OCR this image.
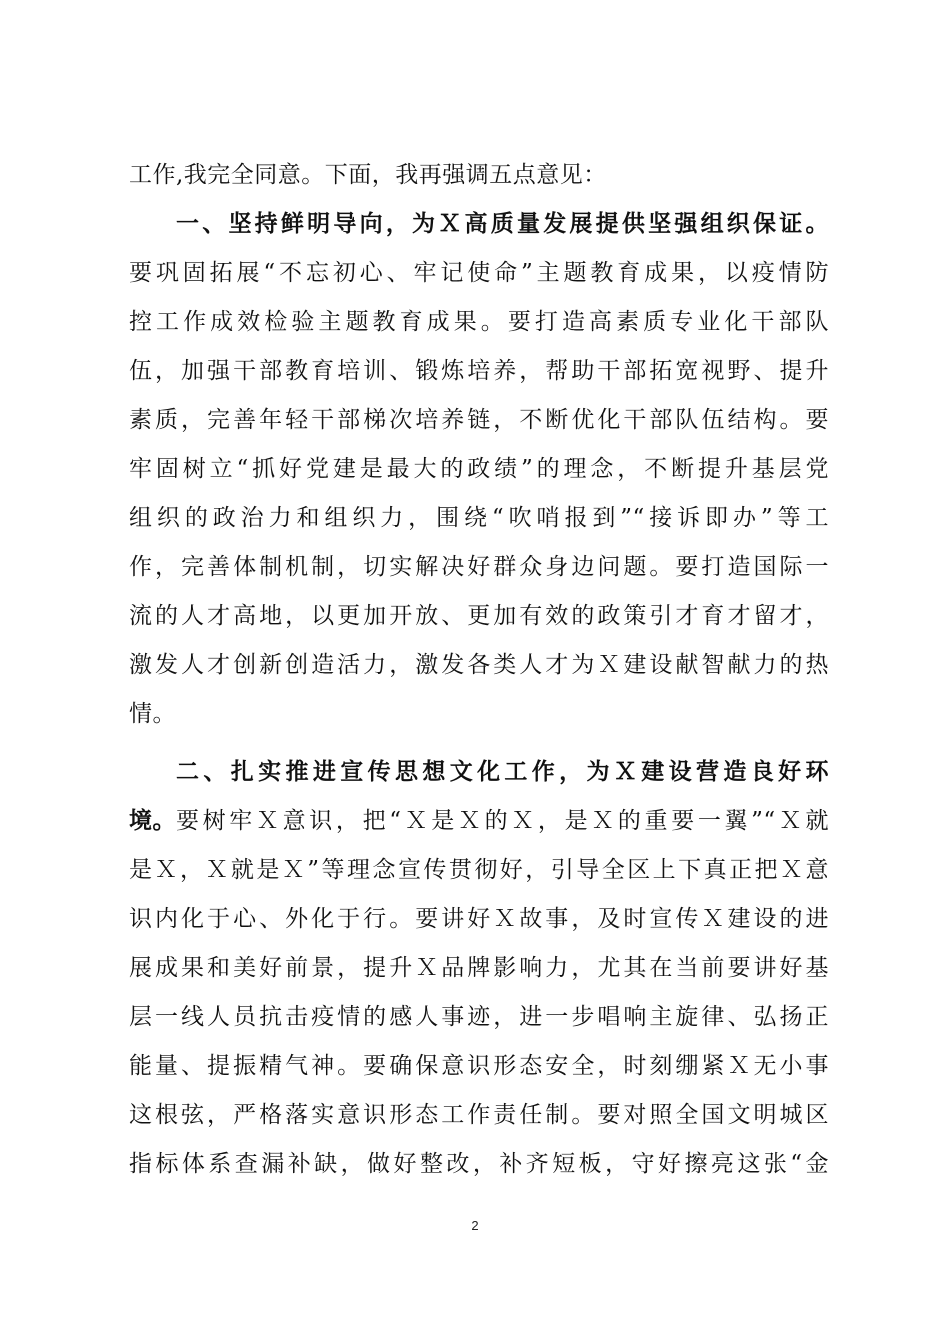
工作,我完全同意。下面，我再强调五点意见：

一、坚持鲜明导向，为Ｘ高质量发展提供坚强组织保证。

要巩固拓展“不忘初心、牢记使命”主题教育成果，以疫情防

控工作成效检验主题教育成果。要打造高素质专业化干部队

伍，加强干部教育培训、锻炼培养，帮助干部拓宽视野、提升

素质，完善年轻干部梯次培养链，不断优化干部队伍结构。要

牢固树立“抓好党建是最大的政绩”的理念，不断提升基层党

组织的政治力和组织力，围绕“吹哨报到”“接诉即办”等工

作，完善体制机制，切实解决好群众身边问题。要打造国际一

流的人才高地，以更加开放、更加有效的政策引才育才留才，

激发人才创新创造活力，激发各类人才为Ｘ建设献智献力的热

情。

二、扎实推进宣传思想文化工作，为Ｘ建设营造良好环

境。 要树牢Ｘ意识，把“Ｘ是Ｘ的Ｘ，是Ｘ的重要一翼”“Ｘ就

是Ｘ，Ｘ就是Ｘ”等理念宣传贯彻好，引导全区上下真正把Ｘ意

识内化于心、外化于行。要讲好Ｘ故事，及时宣传Ｘ建设的进

展成果和美好前景，提升Ｘ品牌影响力，尤其在当前要讲好基

层一线人员抗击疫情的感人事迹，进一步唱响主旋律、弘扬正

能量、提振精气神。要确保意识形态安全，时刻绷紧Ｘ无小事

这根弦，严格落实意识形态工作责任制。要对照全国文明城区

指标体系查漏补缺，做好整改，补齐短板，守好擦亮这张“金

2
